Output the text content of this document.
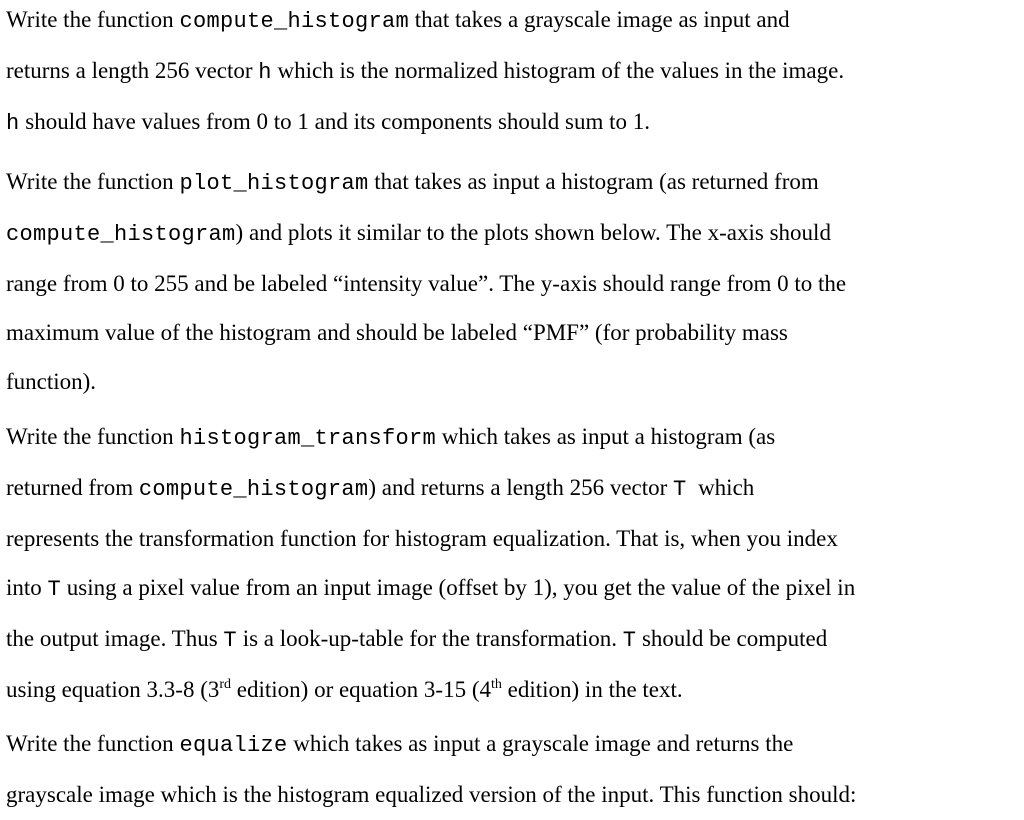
Write the function compute_histogram that takes a grayscale image as input and
returns a length 256 vector h which is the normalized histogram of the values in the image.
h should have values from 0 to 1 and its components should sum to 1.

Write the function plot_histogram that takes as input a histogram (as returned from
compute_histogram) and plots it similar to the plots shown below. The x-axis should
range from 0 to 255 and be labeled “intensity value”. The y-axis should range from 0 to the
maximum value of the histogram and should be labeled “PMF” (for probability mass
function).

Write the function histogram_transform which takes as input a histogram (as
returned from compute_histogram) and returns a length 256 vector T  which
represents the transformation function for histogram equalization. That is, when you index
into T using a pixel value from an input image (offset by 1), you get the value of the pixel in
the output image. Thus T is a look-up-table for the transformation. T should be computed
using equation 3.3-8 (3rd edition) or equation 3-15 (4th edition) in the text.

Write the function equalize which takes as input a grayscale image and returns the
grayscale image which is the histogram equalized version of the input. This function should:
